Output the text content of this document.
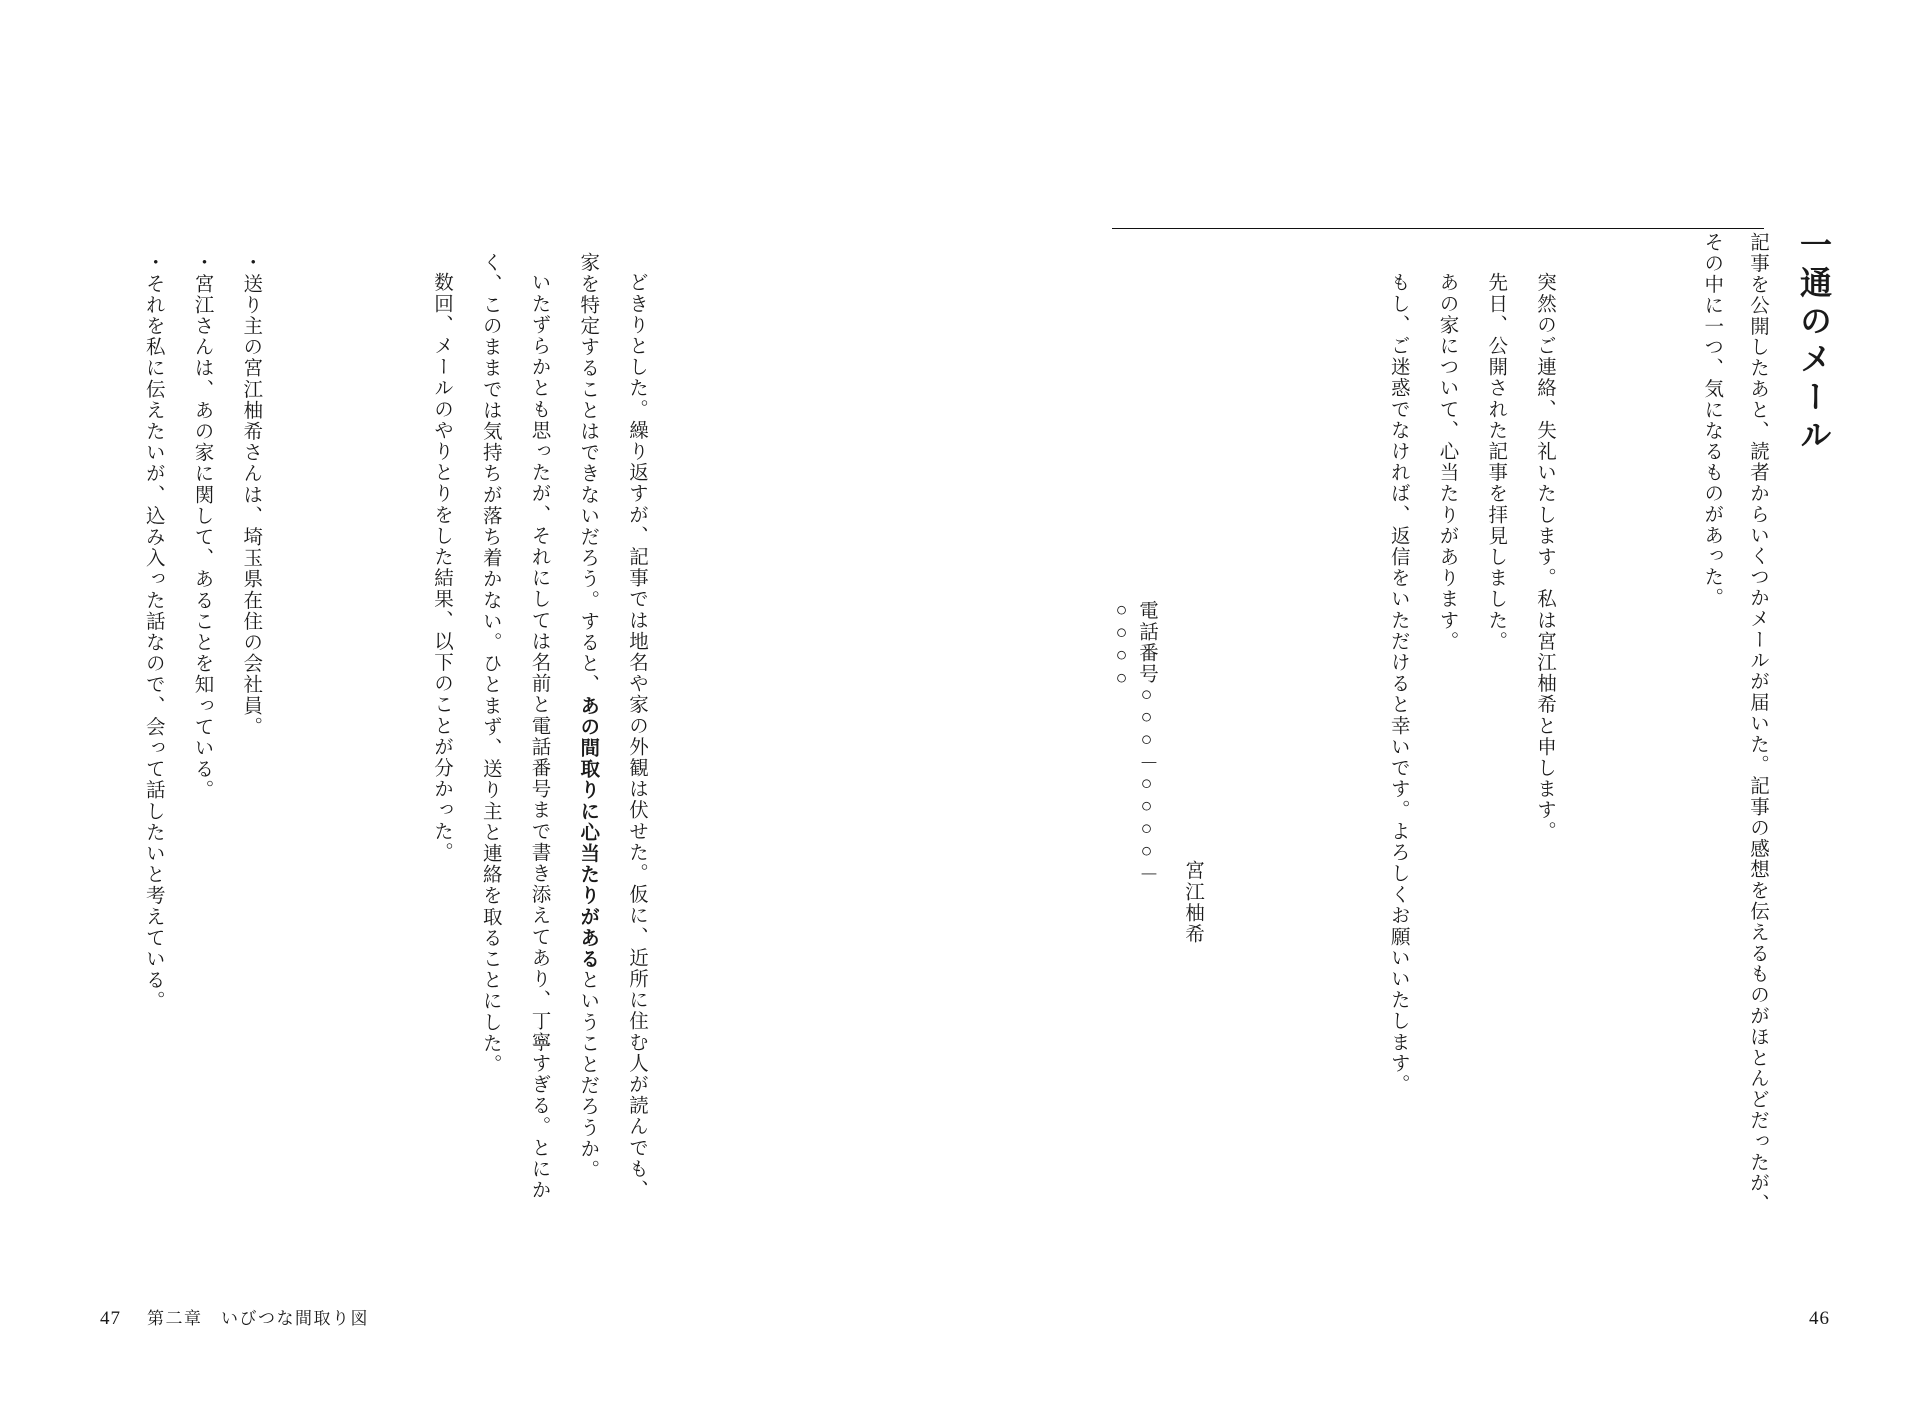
一通のメール
記事を公開したあと、読者からいくつかメールが届いた。記事の感想を伝えるものがほとんどだったが、その中に一つ、気になるものがあった。
突然のご連絡、失礼いたします。私は宮江柚希と申します。
先日、公開された記事を拝見しました。
あの家について、心当たりがあります。
もし、ご迷惑でなければ、返信をいただけると幸いです。よろしくお願いいたします。
宮江柚希
電話番号○○○－○○○○－○○○○
46

どきりとした。繰り返すが、記事では地名や家の外観は伏せた。仮に、近所に住む人が読んでも、家を特定することはできないだろう。すると、あの間取りに心当たりがあるということだろうか。

いたずらかとも思ったが、それにしては名前と電話番号まで書き添えてあり、丁寧すぎる。とにかく、このままでは気持ちが落ち着かない。ひとまず、送り主と連絡を取ることにした。

数回、メールのやりとりをした結果、以下のことが分かった。

・送り主の宮江柚希さんは、埼玉県在住の会社員。
・宮江さんは、あの家に関して、あることを知っている。
・それを私に伝えたいが、込み入った話なので、会って話したいと考えている。
47 第二章　いびつな間取り図
